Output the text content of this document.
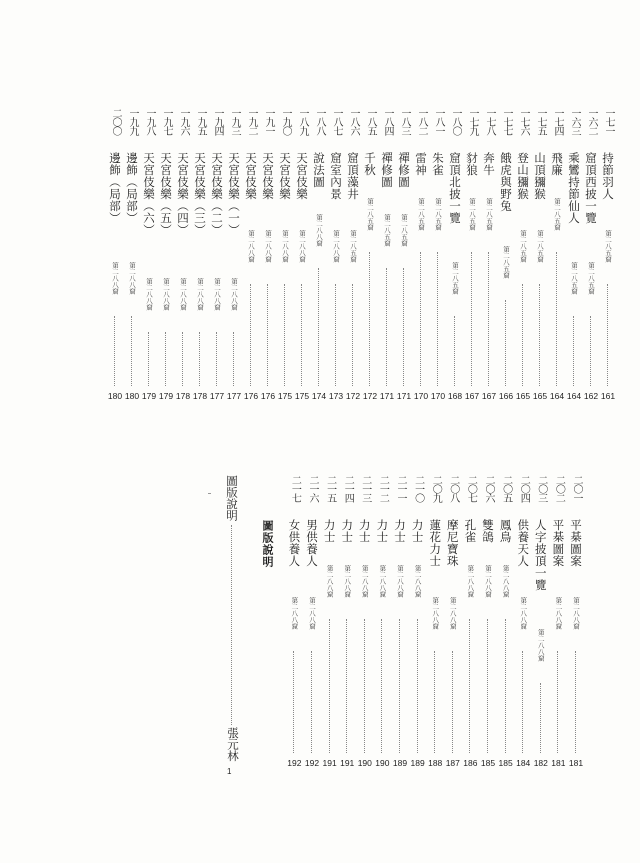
一七一
持節羽人
第二八五窟
161
一六二
窟頂西披一覽
第二八五窟
162
一六三
乘鸞持節仙人
第二八五窟
164
一七四
飛廉
第二八五窟
164
一七五
山頂獼猴
第二八五窟
165
一七六
登山獼猴
第二八五窟
165
一七七
餓虎與野兔
第二八五窟
166
一七八
奔牛
第二八五窟
167
一七九
豺狼
第二八五窟
167
一八〇
窟頂北披一覽
第二八五窟
168
一八一
朱雀
第二八五窟
170
一八二
雷神
第二八五窟
170
一八三
禪修圖
第二八五窟
171
一八四
禪修圖
第二八五窟
171
一八五
千秋
第二八五窟
172
一八六
窟頂藻井
第二八五窟
172
一八七
窟室內景
第二八八窟
173
一八八
說法圖
第二八八窟
174
一八九
天宮伎樂
第二八八窟
175
一九〇
天宮伎樂
第二八八窟
175
一九一
天宮伎樂
第二八八窟
176
一九二
天宮伎樂
第二八八窟
176
一九三
天宮伎樂（一）
第二八八窟
177
一九四
天宮伎樂（二）
第二八八窟
177
一九五
天宮伎樂（三）
第二八八窟
178
一九六
天宮伎樂（四）
第二八八窟
178
一九七
天宮伎樂（五）
第二八八窟
179
一九八
天宮伎樂（六）
第二八八窟
179
一九九
邊飾（局部）
第二八八窟
180
二〇〇
邊飾（局部）
第二八八窟
180
二〇一
平棊圖案
第二八八窟
181
二〇二
平棊圖案
第二八八窟
181
二〇三
人字披頂一覽
第二八八窟
182
二〇四
供養天人
第二八八窟
184
二〇五
鳳鳥
第二八八窟
185
二〇六
雙鴿
第二八八窟
185
二〇七
孔雀
第二八八窟
186
二〇八
摩尼寶珠
第二八八窟
187
二〇九
蓮花力士
第二八八窟
188
二一〇
力士
第二八八窟
189
二一一
力士
第二八八窟
189
二一二
力士
第二八八窟
190
二一三
力士
第二八八窟
190
二一四
力士
第二八八窟
191
二一五
力士
第二八八窟
191
二一六
男供養人
第二八八窟
192
二一七
女供養人
第二八八窟
192
圖版說明
張元林
1
圖版說明
